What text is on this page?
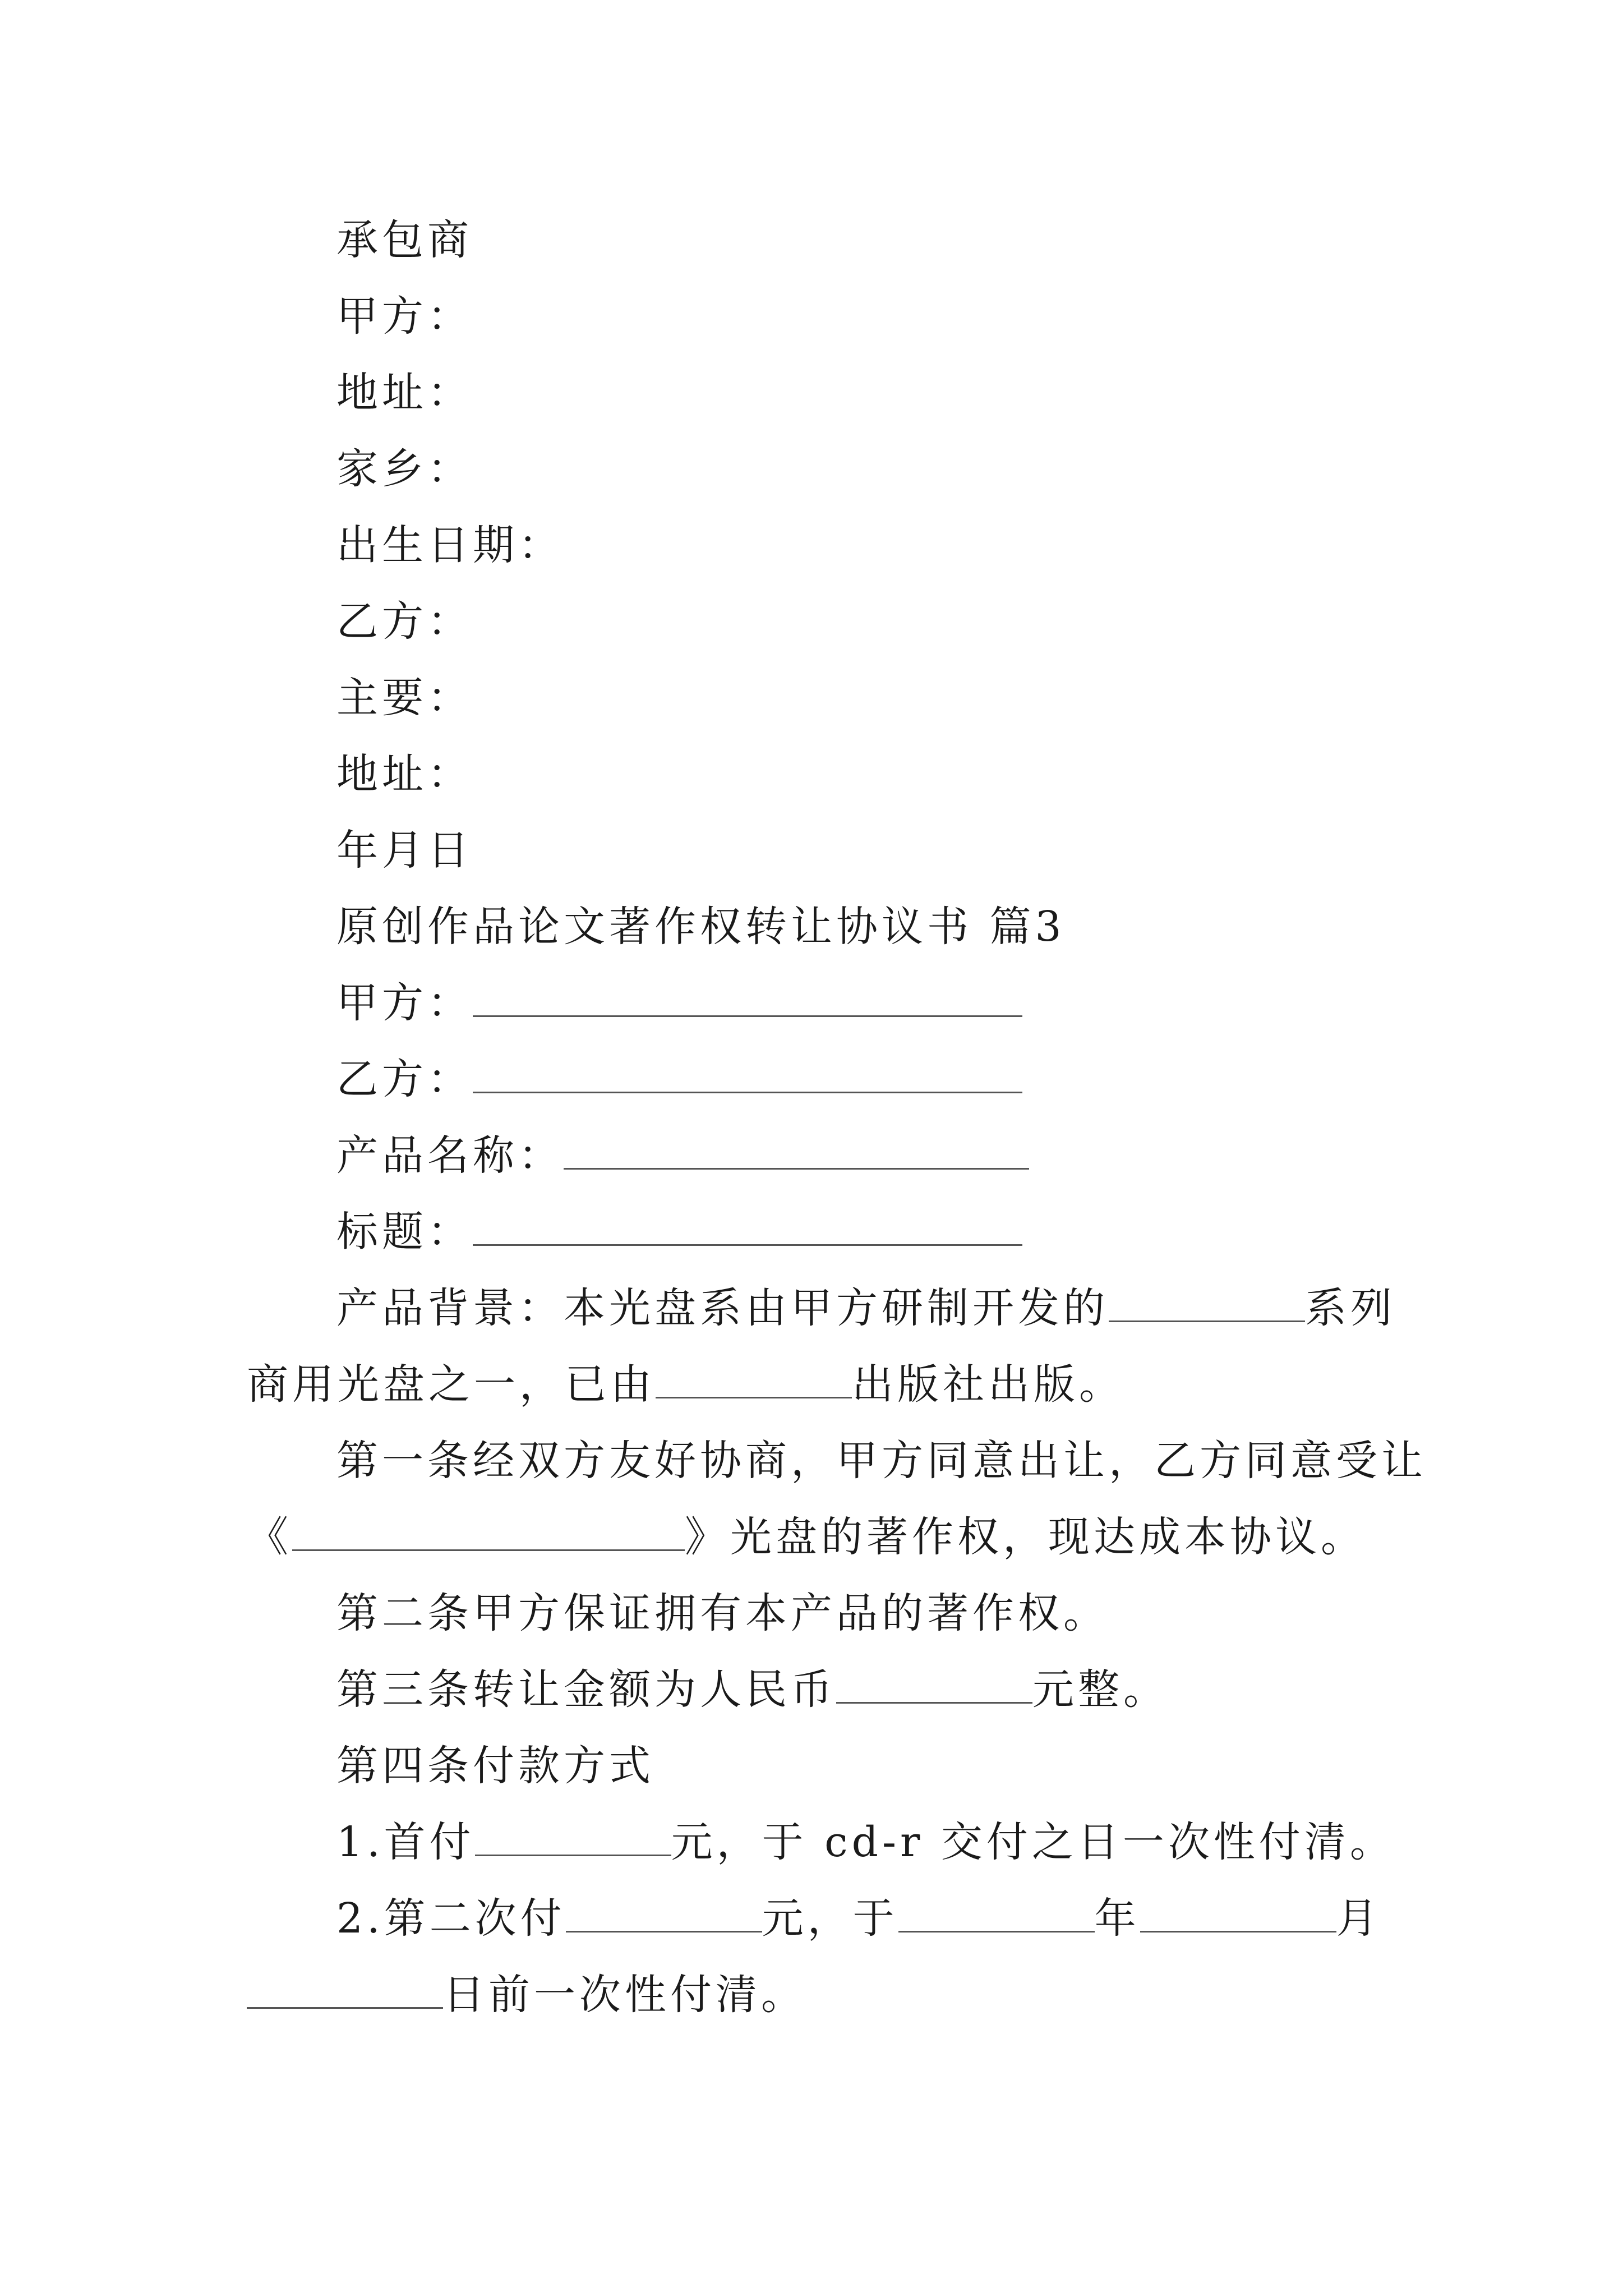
承包商
甲方：
地址：
家乡：
出生日期：
乙方：
主要：
地址：
年月日
原创作品论文著作权转让协议书 篇3
甲方：
乙方：
产品名称：
标题：
产品背景：本光盘系由甲方研制开发的	系列
商用光盘之一，已由	出版社出版。
第一条经双方友好协商，甲方同意出让，乙方同意受让
《	》光盘的著作权，现达成本协议。
第二条甲方保证拥有本产品的著作权。
第三条转让金额为人民币	元整。
第四条付款方式
1.首付	元，于 cd-r 交付之日一次性付清。
2.第二次付	元，于	年	月
日前一次性付清。
